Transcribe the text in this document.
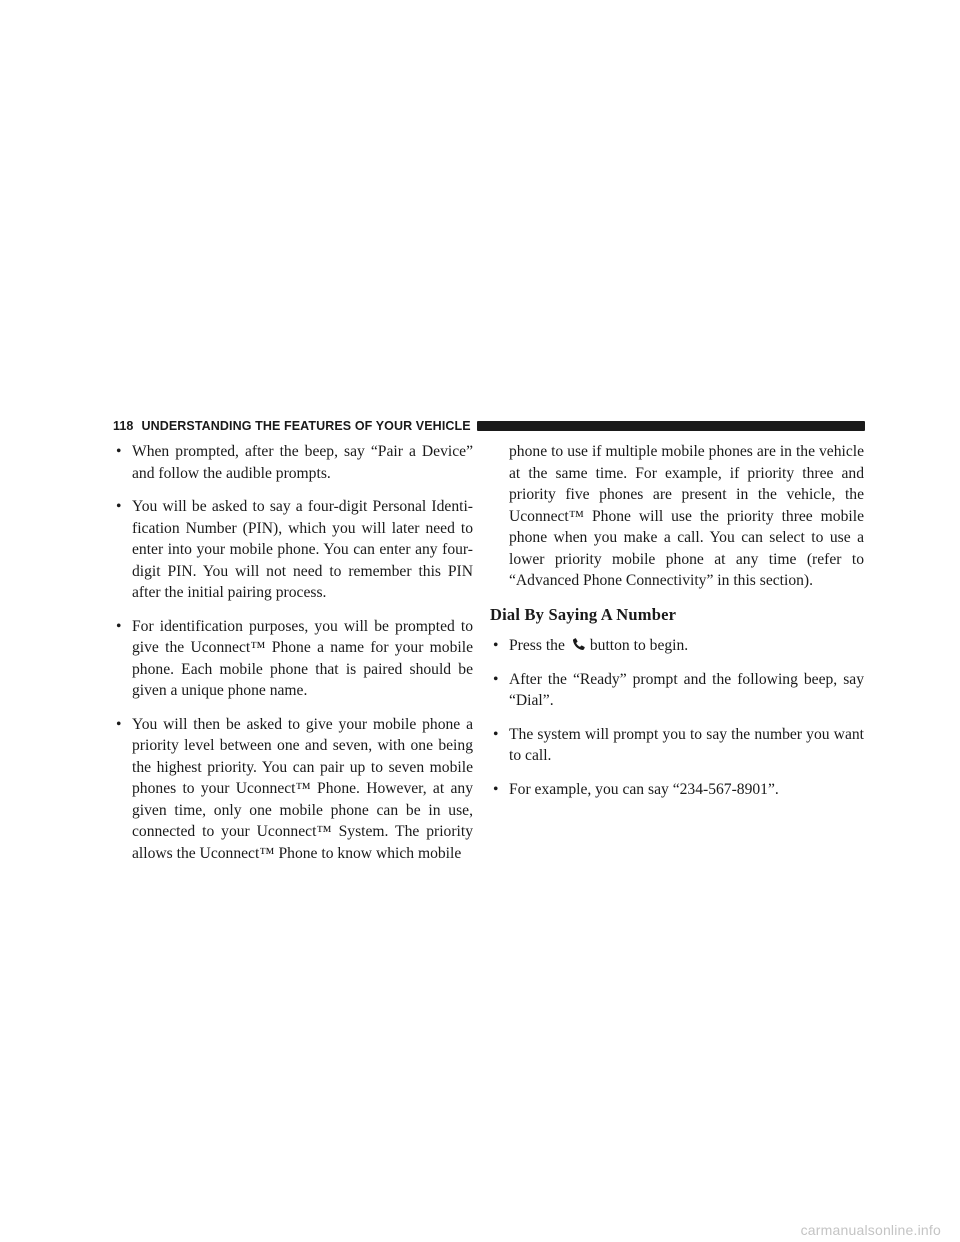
118 UNDERSTANDING THE FEATURES OF YOUR VEHICLE
• When prompted, after the beep, say “Pair a Device” and follow the audible prompts.
• You will be asked to say a four-digit Personal Identi-fication Number (PIN), which you will later need to enter into your mobile phone. You can enter any four-digit PIN. You will not need to remember this PIN after the initial pairing process.
• For identification purposes, you will be prompted to give the Uconnect™ Phone a name for your mobile phone. Each mobile phone that is paired should be given a unique phone name.
• You will then be asked to give your mobile phone a priority level between one and seven, with one being the highest priority. You can pair up to seven mobile phones to your Uconnect™ Phone. However, at any given time, only one mobile phone can be in use, connected to your Uconnect™ System. The priority allows the Uconnect™ Phone to know which mobile
phone to use if multiple mobile phones are in the vehicle at the same time. For example, if priority three and priority five phones are present in the vehicle, the Uconnect™ Phone will use the priority three mobile phone when you make a call. You can select to use a lower priority mobile phone at any time (refer to “Advanced Phone Connectivity” in this section).
Dial By Saying A Number
• Press the button to begin.
• After the “Ready” prompt and the following beep, say “Dial”.
• The system will prompt you to say the number you want to call.
• For example, you can say “234-567-8901”.
carmanualsonline.info
